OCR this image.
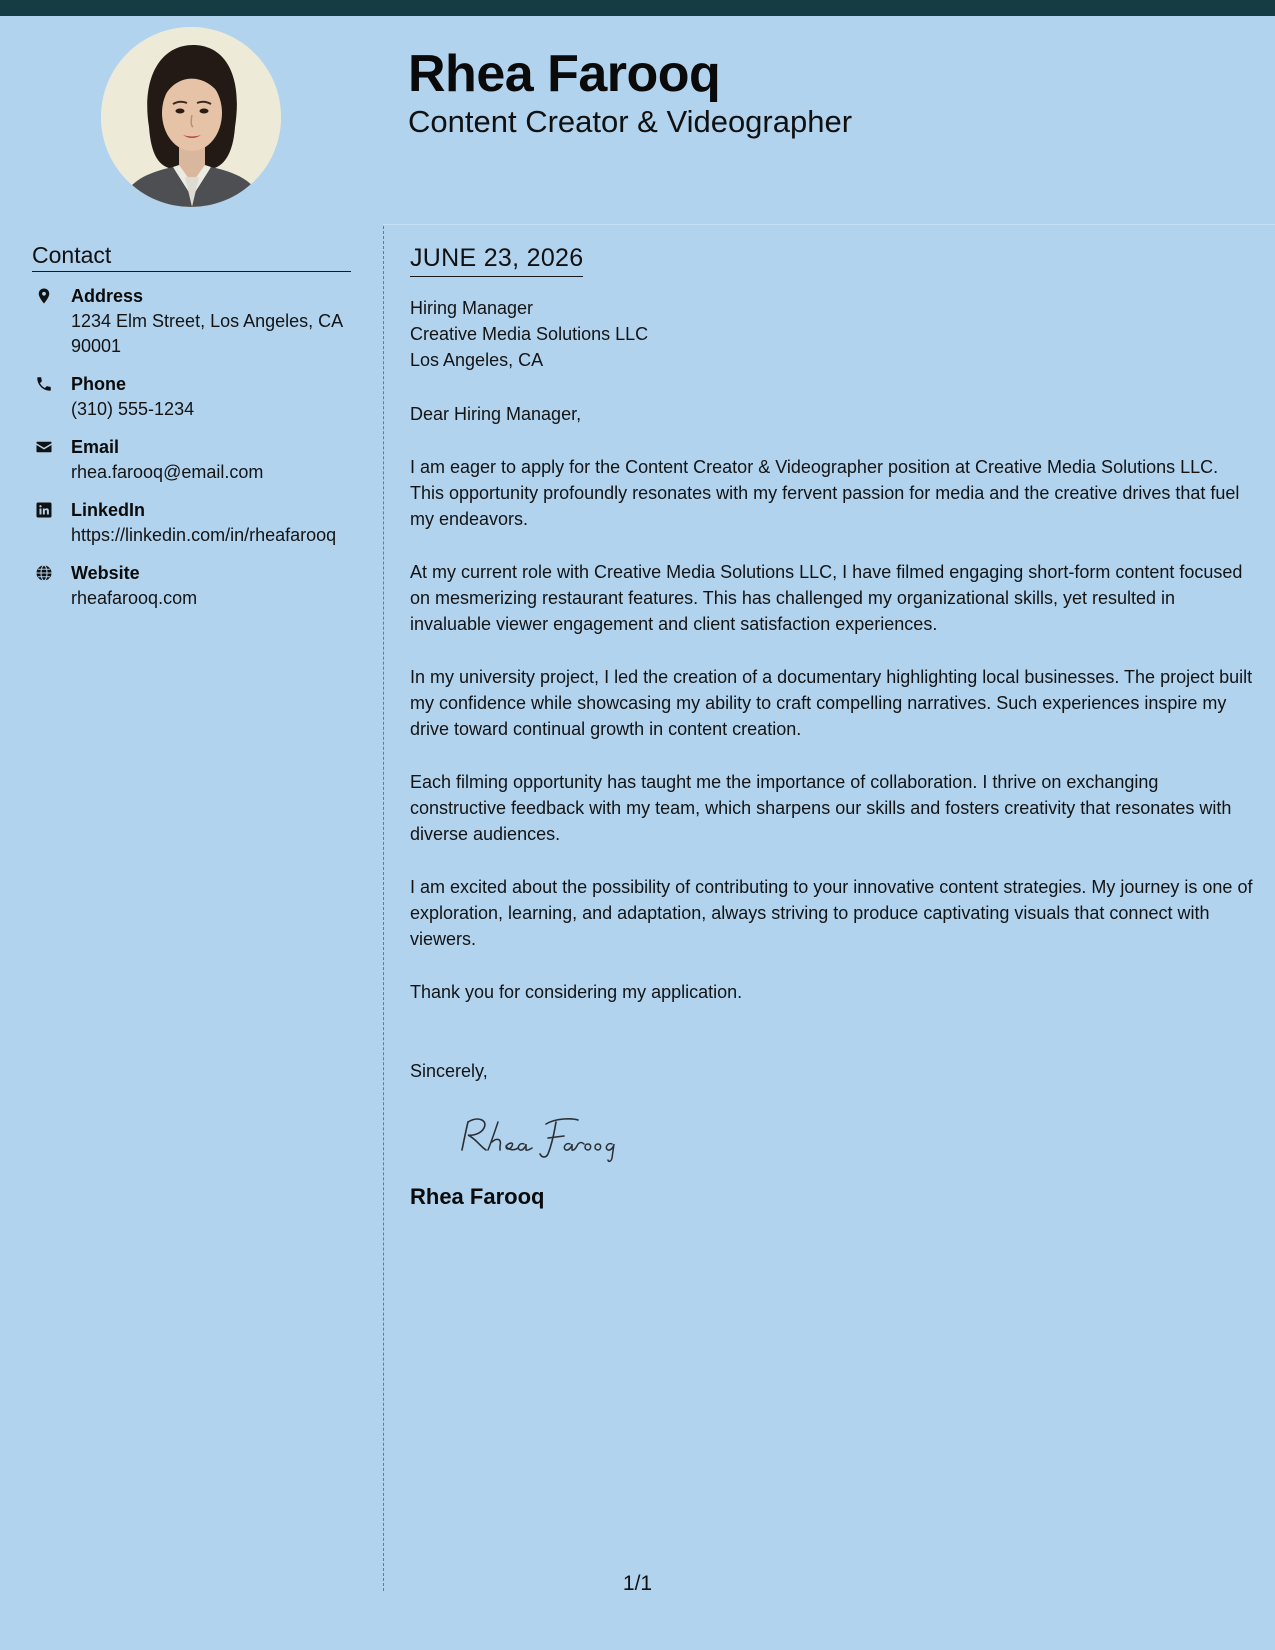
Rhea Farooq
Content Creator & Videographer
Contact
Address
1234 Elm Street, Los Angeles, CA 90001
Phone
(310) 555-1234
Email
rhea.farooq@email.com
LinkedIn
https://linkedin.com/in/rheafarooq
Website
rheafarooq.com
JUNE 23, 2026
Hiring Manager
Creative Media Solutions LLC
Los Angeles, CA
Dear Hiring Manager,

I am eager to apply for the Content Creator & Videographer position at Creative Media Solutions LLC. This opportunity profoundly resonates with my fervent passion for media and the creative drives that fuel my endeavors.

At my current role with Creative Media Solutions LLC, I have filmed engaging short-form content focused on mesmerizing restaurant features. This has challenged my organizational skills, yet resulted in invaluable viewer engagement and client satisfaction experiences.

In my university project, I led the creation of a documentary highlighting local businesses. The project built my confidence while showcasing my ability to craft compelling narratives. Such experiences inspire my drive toward continual growth in content creation.

Each filming opportunity has taught me the importance of collaboration. I thrive on exchanging constructive feedback with my team, which sharpens our skills and fosters creativity that resonates with diverse audiences.

I am excited about the possibility of contributing to your innovative content strategies. My journey is one of exploration, learning, and adaptation, always striving to produce captivating visuals that connect with viewers.

Thank you for considering my application.

Sincerely,
Rhea Farooq
1/1
